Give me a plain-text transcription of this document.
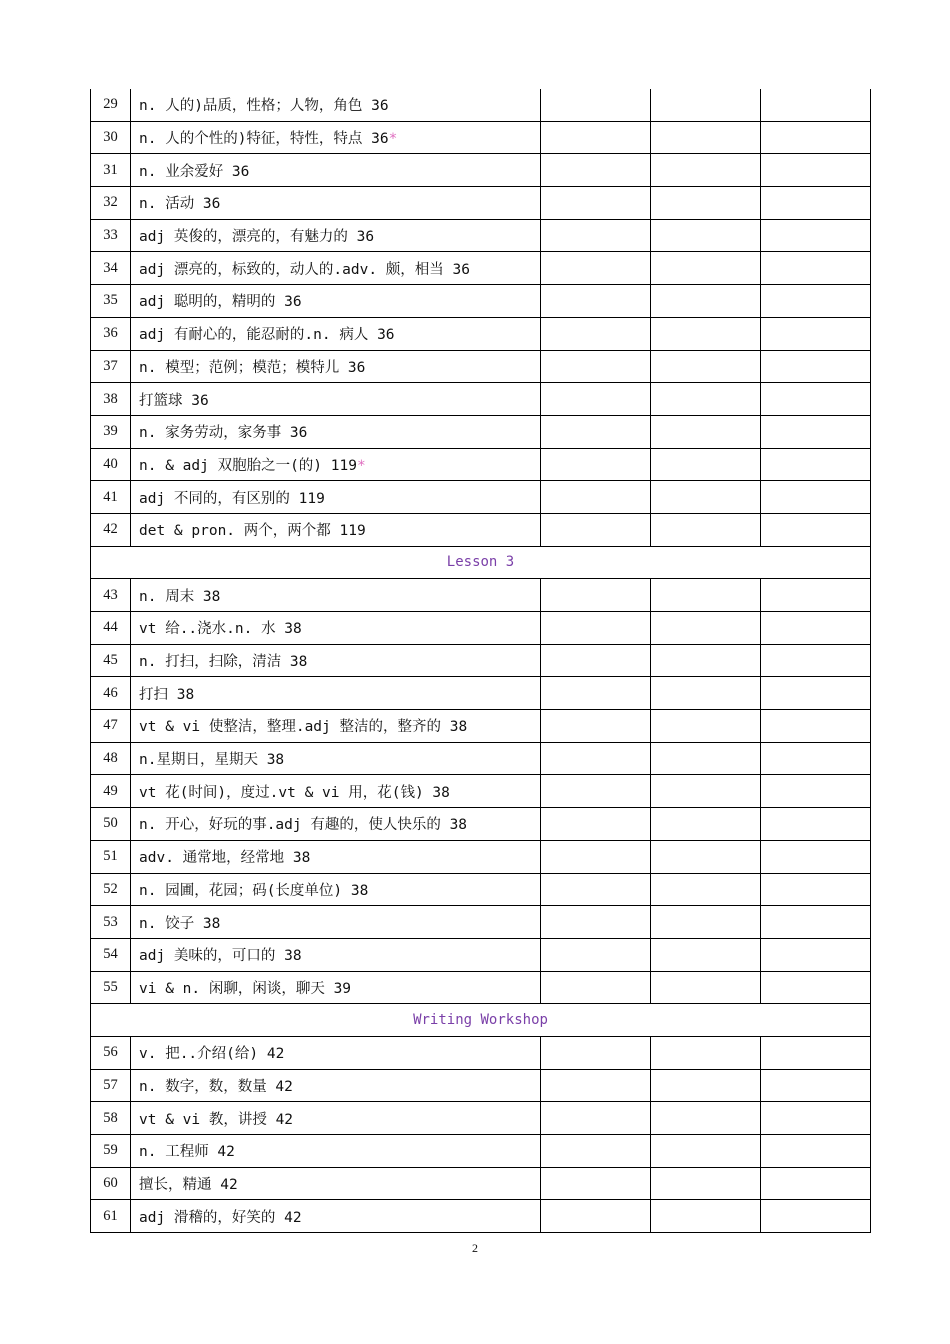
29	n. 人的)品质，性格；人物，角色 36			
30	n. 人的个性的)特征，特性，特点 36*			
31	n. 业余爱好 36			
32	n. 活动 36			
33	adj 英俊的，漂亮的，有魅力的 36			
34	adj 漂亮的，标致的，动人的.adv. 颇，相当 36			
35	adj 聪明的，精明的 36			
36	adj 有耐心的，能忍耐的.n. 病人 36			
37	n. 模型；范例；模范；模特儿 36			
38	打篮球 36			
39	n. 家务劳动，家务事 36			
40	n. & adj 双胞胎之一(的) 119*			
41	adj 不同的，有区别的 119			
42	det & pron. 两个，两个都 119			
Lesson 3				
43	n. 周末 38			
44	vt 给..浇水.n. 水 38			
45	n. 打扫，扫除，清洁 38			
46	打扫 38			
47	vt & vi 使整洁，整理.adj 整洁的，整齐的 38			
48	n.星期日，星期天 38			
49	vt 花(时间)，度过.vt & vi 用，花(钱) 38			
50	n. 开心，好玩的事.adj 有趣的，使人快乐的 38			
51	adv. 通常地，经常地 38			
52	n. 园圃，花园；码(长度单位) 38			
53	n. 饺子 38			
54	adj 美味的，可口的 38			
55	vi & n. 闲聊，闲谈，聊天 39			
Writing Workshop				
56	v. 把..介绍(给) 42			
57	n. 数字，数，数量 42			
58	vt & vi 教，讲授 42			
59	n. 工程师 42			
60	擅长，精通 42			
61	adj 滑稽的，好笑的 42			
2
